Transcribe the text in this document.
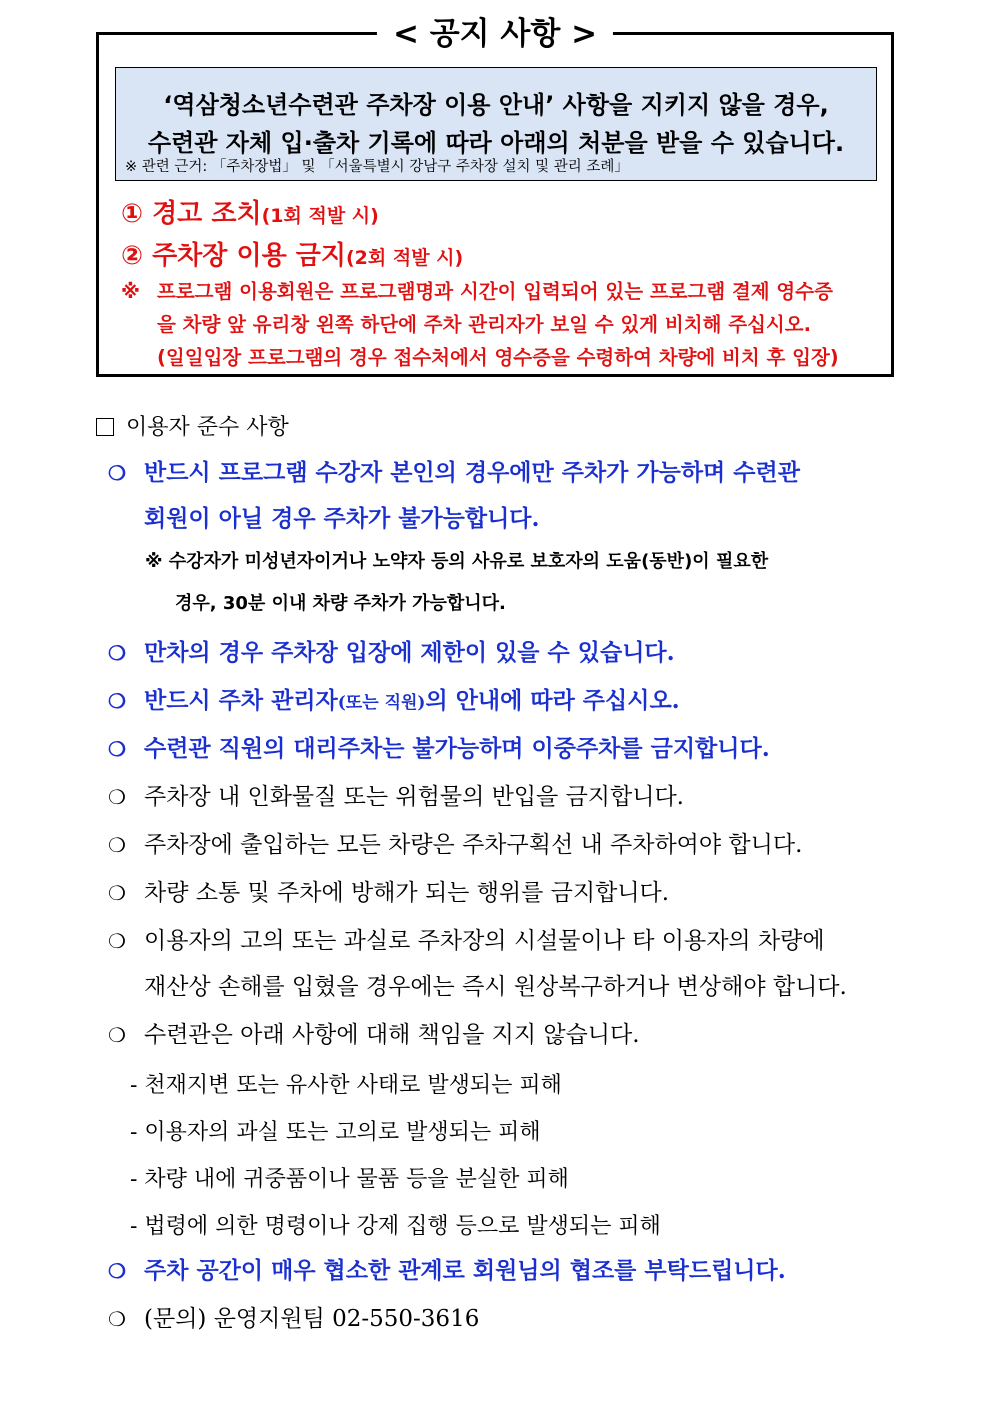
< 공지 사항 >
‘역삼청소년수련관 주차장 이용 안내’ 사항을 지키지 않을 경우,
수련관 자체 입·출차 기록에 따라 아래의 처분을 받을 수 있습니다.
※ 관련 근거: 「주차장법」 및 「서울특별시 강남구 주차장 설치 및 관리 조례」
① 경고 조치(1회 적발 시)
② 주차장 이용 금지(2회 적발 시)
※ 프로그램 이용회원은 프로그램명과 시간이 입력되어 있는 프로그램 결제 영수증
을 차량 앞 유리창 왼쪽 하단에 주차 관리자가 보일 수 있게 비치해 주십시오.
(일일입장 프로그램의 경우 접수처에서 영수증을 수령하여 차량에 비치 후 입장)
이용자 준수 사항
❍ 반드시 프로그램 수강자 본인의 경우에만 주차가 가능하며 수련관
회원이 아닐 경우 주차가 불가능합니다.
※ 수강자가 미성년자이거나 노약자 등의 사유로 보호자의 도움(동반)이 필요한
경우, 30분 이내 차량 주차가 가능합니다.
❍ 만차의 경우 주차장 입장에 제한이 있을 수 있습니다.
❍ 반드시 주차 관리자(또는 직원)의 안내에 따라 주십시오.
❍ 수련관 직원의 대리주차는 불가능하며 이중주차를 금지합니다.
❍ 주차장 내 인화물질 또는 위험물의 반입을 금지합니다.
❍ 주차장에 출입하는 모든 차량은 주차구획선 내 주차하여야 합니다.
❍ 차량 소통 및 주차에 방해가 되는 행위를 금지합니다.
❍ 이용자의 고의 또는 과실로 주차장의 시설물이나 타 이용자의 차량에
재산상 손해를 입혔을 경우에는 즉시 원상복구하거나 변상해야 합니다.
❍ 수련관은 아래 사항에 대해 책임을 지지 않습니다.
- 천재지변 또는 유사한 사태로 발생되는 피해
- 이용자의 과실 또는 고의로 발생되는 피해
- 차량 내에 귀중품이나 물품 등을 분실한 피해
- 법령에 의한 명령이나 강제 집행 등으로 발생되는 피해
❍ 주차 공간이 매우 협소한 관계로 회원님의 협조를 부탁드립니다.
❍ (문의) 운영지원팀 02-550-3616
